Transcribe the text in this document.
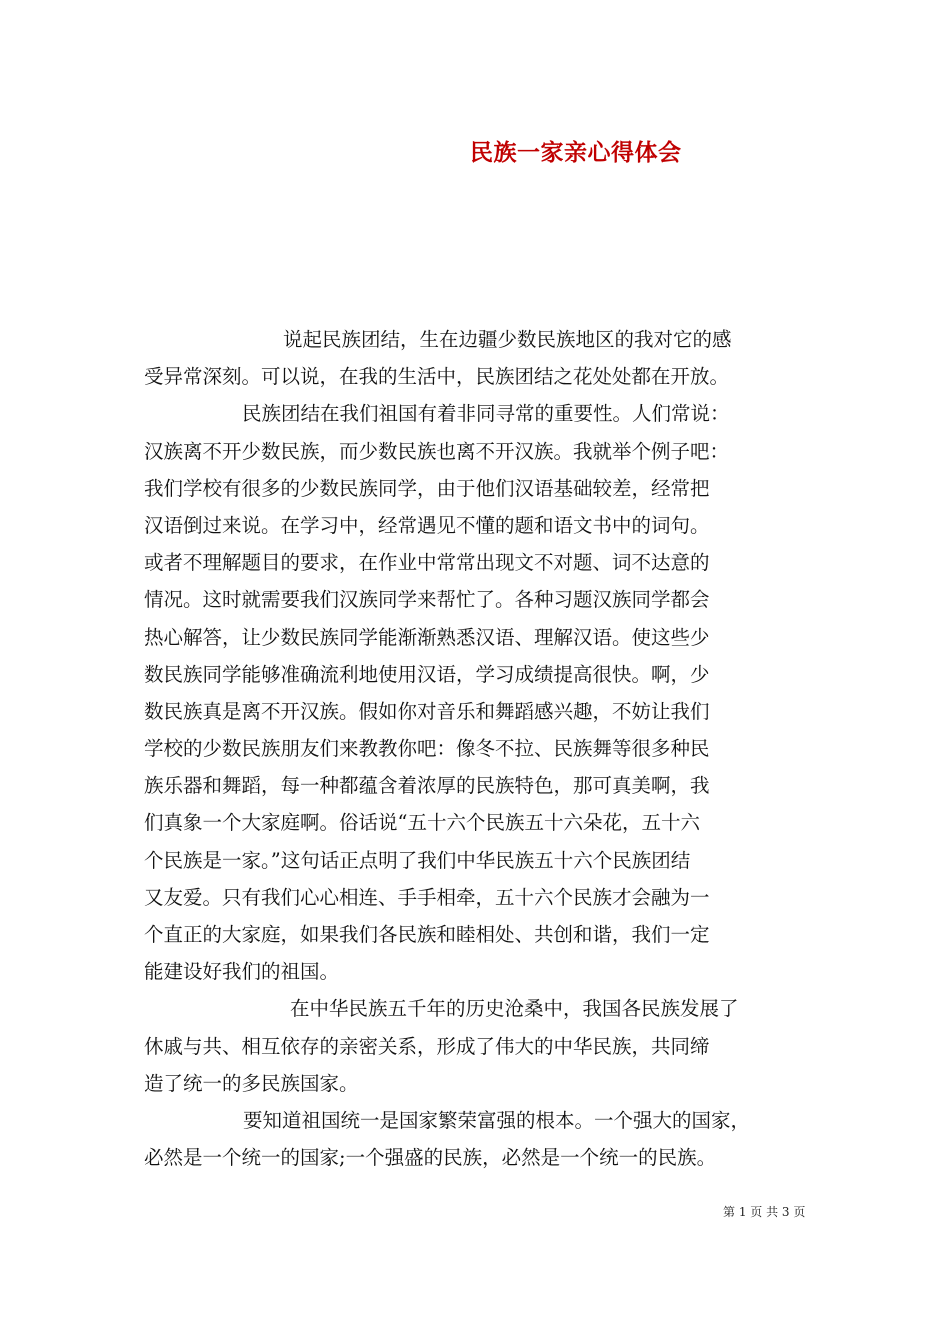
民族一家亲心得体会
说起民族团结，生在边疆少数民族地区的我对它的感
受异常深刻。可以说，在我的生活中，民族团结之花处处都在开放。
民族团结在我们祖国有着非同寻常的重要性。人们常说：
汉族离不开少数民族，而少数民族也离不开汉族。我就举个例子吧：
我们学校有很多的少数民族同学，由于他们汉语基础较差，经常把
汉语倒过来说。在学习中，经常遇见不懂的题和语文书中的词句。
或者不理解题目的要求，在作业中常常出现文不对题、词不达意的
情况。这时就需要我们汉族同学来帮忙了。各种习题汉族同学都会
热心解答，让少数民族同学能渐渐熟悉汉语、理解汉语。使这些少
数民族同学能够准确流利地使用汉语，学习成绩提高很快。啊，少
数民族真是离不开汉族。假如你对音乐和舞蹈感兴趣，不妨让我们
学校的少数民族朋友们来教教你吧：像冬不拉、民族舞等很多种民
族乐器和舞蹈，每一种都蕴含着浓厚的民族特色，那可真美啊，我
们真象一个大家庭啊。俗话说“五十六个民族五十六朵花，五十六
个民族是一家。”这句话正点明了我们中华民族五十六个民族团结
又友爱。只有我们心心相连、手手相牵，五十六个民族才会融为一
个直正的大家庭，如果我们各民族和睦相处、共创和谐，我们一定
能建设好我们的祖国。
在中华民族五千年的历史沧桑中，我国各民族发展了
休戚与共、相互依存的亲密关系，形成了伟大的中华民族，共同缔
造了统一的多民族国家。
要知道祖国统一是国家繁荣富强的根本。一个强大的国家，
必然是一个统一的国家;一个强盛的民族，必然是一个统一的民族。
第 1 页 共 3 页
